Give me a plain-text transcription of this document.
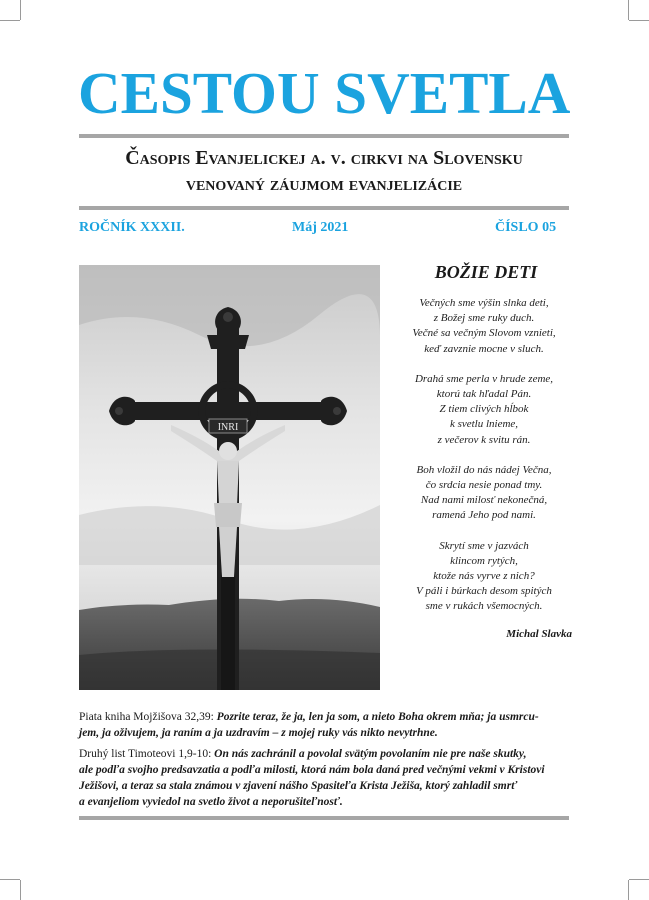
CESTOU SVETLA
Časopis Evanjelickej a. v. cirkvi na Slovensku
venovaný záujmom evanjelizácie
ROČNÍK XXXII.	Máj 2021	ČÍSLO 05
INRI
BOŽIE DETI
Večných sme výšin slnka deti,
z Božej sme ruky duch.
Večné sa večným Slovom vznieti,
keď zavznie mocne v sluch.
Drahá sme perla v hrude zeme,
ktorú tak hľadal Pán.
Z tiem clivých hĺbok
k svetlu lnieme,
z večerov k svitu rán.
Boh vložil do nás nádej Večna,
čo srdcia nesie ponad tmy.
Nad nami milosť nekonečná,
ramená Jeho pod nami.
Skrytí sme v jazvách
klincom rytých,
ktože nás vyrve z nich?
V páli i búrkach desom spitých
sme v rukách všemocných.
Michal Slavka
Piata kniha Mojžišova 32,39: Pozrite teraz, že ja, len ja som, a nieto Boha okrem mňa; ja usmrcu-
jem, ja oživujem, ja raním a ja uzdravím – z mojej ruky vás nikto nevytrhne.
Druhý list Timoteovi 1,9-10: On nás zachránil a povolal svätým povolaním nie pre naše skutky,
ale podľa svojho predsavzatia a podľa milosti, ktorá nám bola daná pred večnými vekmi v Kristovi
Ježišovi, a teraz sa stala známou v zjavení nášho Spasiteľa Krista Ježiša, ktorý zahladil smrť
a evanjeliom vyviedol na svetlo život a neporušiteľnosť.
